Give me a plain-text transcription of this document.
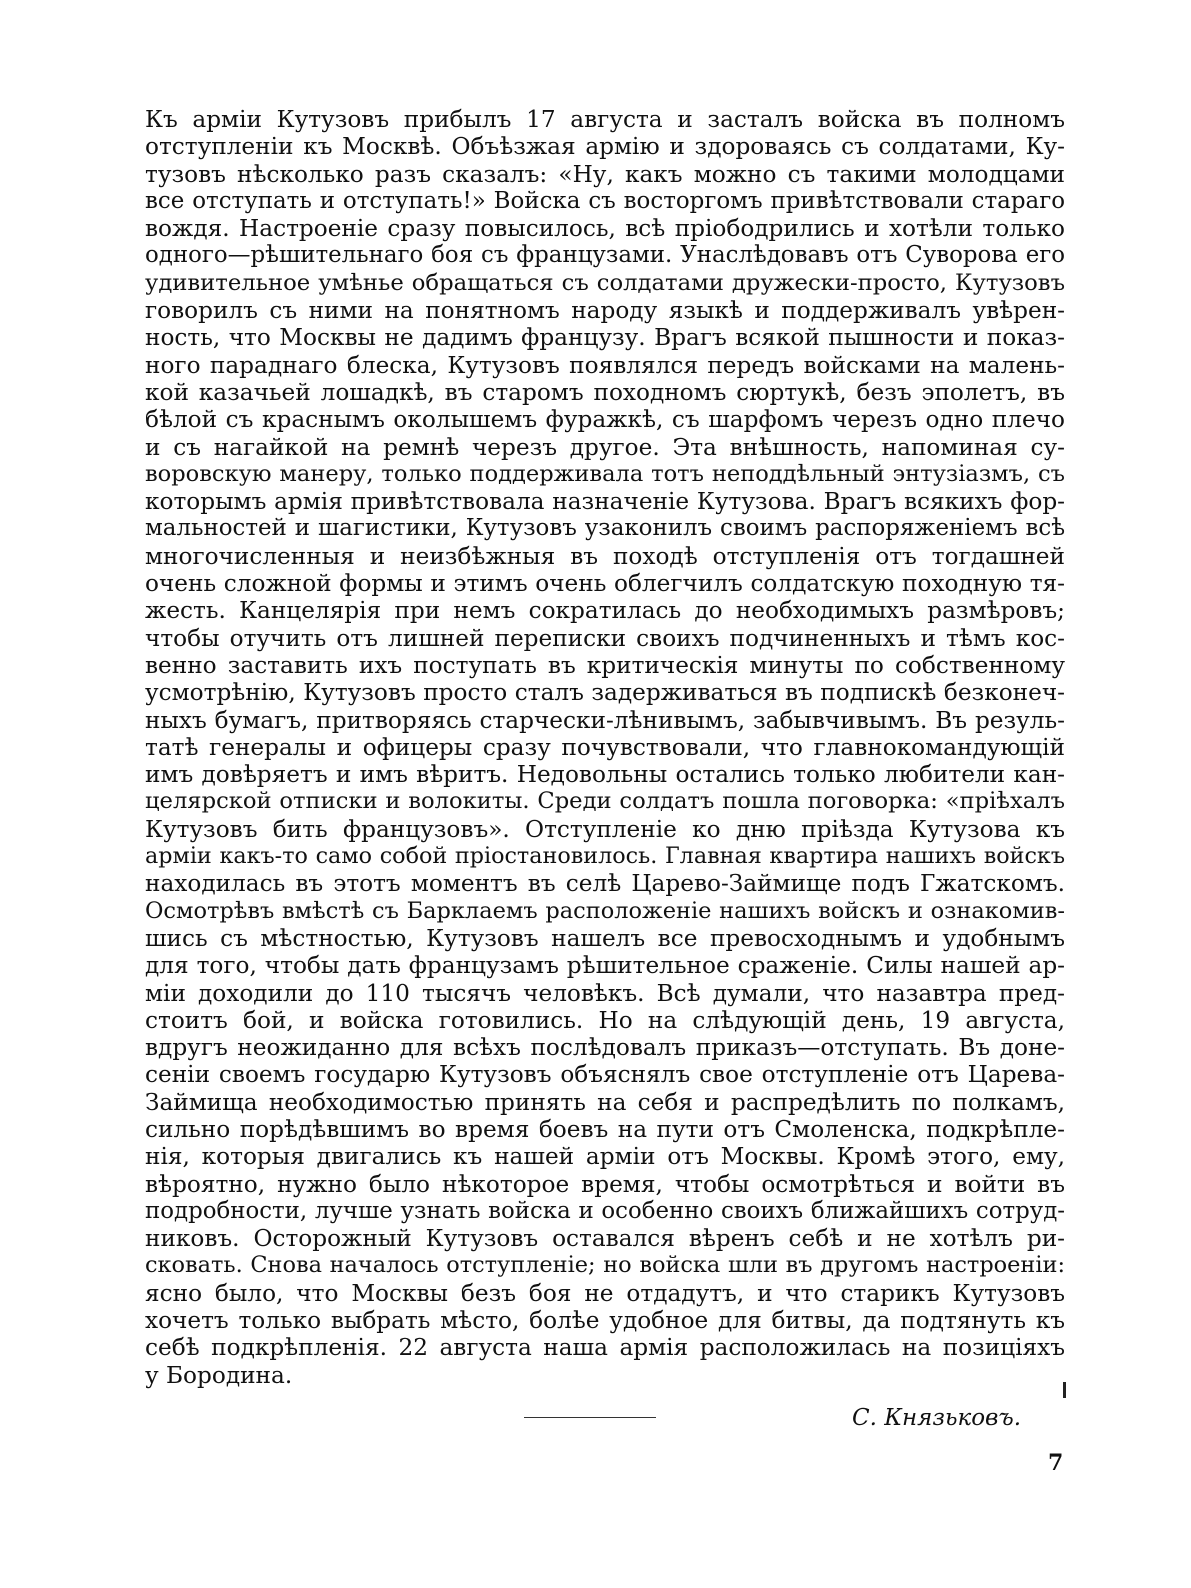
Къ арміи Кутузовъ прибылъ 17 августа и засталъ войска въ полномъ
отступленіи къ Москвѣ. Объѣзжая армію и здороваясь съ солдатами, Ку-
тузовъ нѣсколько разъ сказалъ: «Ну, какъ можно съ такими молодцами
все отступать и отступать!» Войска съ восторгомъ привѣтствовали стараго
вождя. Настроеніе сразу повысилось, всѣ пріободрились и хотѣли только
одного—рѣшительнаго боя съ французами. Унаслѣдовавъ отъ Суворова его
удивительное умѣнье обращаться съ солдатами дружески-просто, Кутузовъ
говорилъ съ ними на понятномъ народу языкѣ и поддерживалъ увѣрен-
ность, что Москвы не дадимъ французу. Врагъ всякой пышности и показ-
ного параднаго блеска, Кутузовъ появлялся передъ войсками на малень-
кой казачьей лошадкѣ, въ старомъ походномъ сюртукѣ, безъ эполетъ, въ
бѣлой съ краснымъ околышемъ фуражкѣ, съ шарфомъ черезъ одно плечо
и съ нагайкой на ремнѣ черезъ другое. Эта внѣшность, напоминая су-
воровскую манеру, только поддерживала тотъ неподдѣльный энтузіазмъ, съ
которымъ армія привѣтствовала назначеніе Кутузова. Врагъ всякихъ фор-
мальностей и шагистики, Кутузовъ узаконилъ своимъ распоряженіемъ всѣ
многочисленныя и неизбѣжныя въ походѣ отступленія отъ тогдашней
очень сложной формы и этимъ очень облегчилъ солдатскую походную тя-
жесть. Канцелярія при немъ сократилась до необходимыхъ размѣровъ;
чтобы отучить отъ лишней переписки своихъ подчиненныхъ и тѣмъ кос-
венно заставить ихъ поступать въ критическія минуты по собственному
усмотрѣнію, Кутузовъ просто сталъ задерживаться въ подпискѣ безконеч-
ныхъ бумагъ, притворяясь старчески-лѣнивымъ, забывчивымъ. Въ резуль-
татѣ генералы и офицеры сразу почувствовали, что главнокомандующій
имъ довѣряетъ и имъ вѣритъ. Недовольны остались только любители кан-
целярской отписки и волокиты. Среди солдатъ пошла поговорка: «пріѣхалъ
Кутузовъ бить французовъ». Отступленіе ко дню пріѣзда Кутузова къ
арміи какъ-то само собой пріостановилось. Главная квартира нашихъ войскъ
находилась въ этотъ моментъ въ селѣ Царево-Займище подъ Гжатскомъ.
Осмотрѣвъ вмѣстѣ съ Барклаемъ расположеніе нашихъ войскъ и ознакомив-
шись съ мѣстностью, Кутузовъ нашелъ все превосходнымъ и удобнымъ
для того, чтобы дать французамъ рѣшительное сраженіе. Силы нашей ар-
міи доходили до 110 тысячъ человѣкъ. Всѣ думали, что назавтра пред-
стоитъ бой, и войска готовились. Но на слѣдующій день, 19 августа,
вдругъ неожиданно для всѣхъ послѣдовалъ приказъ—отступать. Въ доне-
сеніи своемъ государю Кутузовъ объяснялъ свое отступленіе отъ Царева-
Займища необходимостью принять на себя и распредѣлить по полкамъ,
сильно порѣдѣвшимъ во время боевъ на пути отъ Смоленска, подкрѣпле-
нія, которыя двигались къ нашей арміи отъ Москвы. Кромѣ этого, ему,
вѣроятно, нужно было нѣкоторое время, чтобы осмотрѣться и войти въ
подробности, лучше узнать войска и особенно своихъ ближайшихъ сотруд-
никовъ. Осторожный Кутузовъ оставался вѣренъ себѣ и не хотѣлъ ри-
сковать. Снова началось отступленіе; но войска шли въ другомъ настроеніи:
ясно было, что Москвы безъ боя не отдадутъ, и что старикъ Кутузовъ
хочетъ только выбрать мѣсто, болѣе удобное для битвы, да подтянуть къ
себѣ подкрѣпленія. 22 августа наша армія расположилась на позиціяхъ
у Бородина.
С. Князьковъ.
7
